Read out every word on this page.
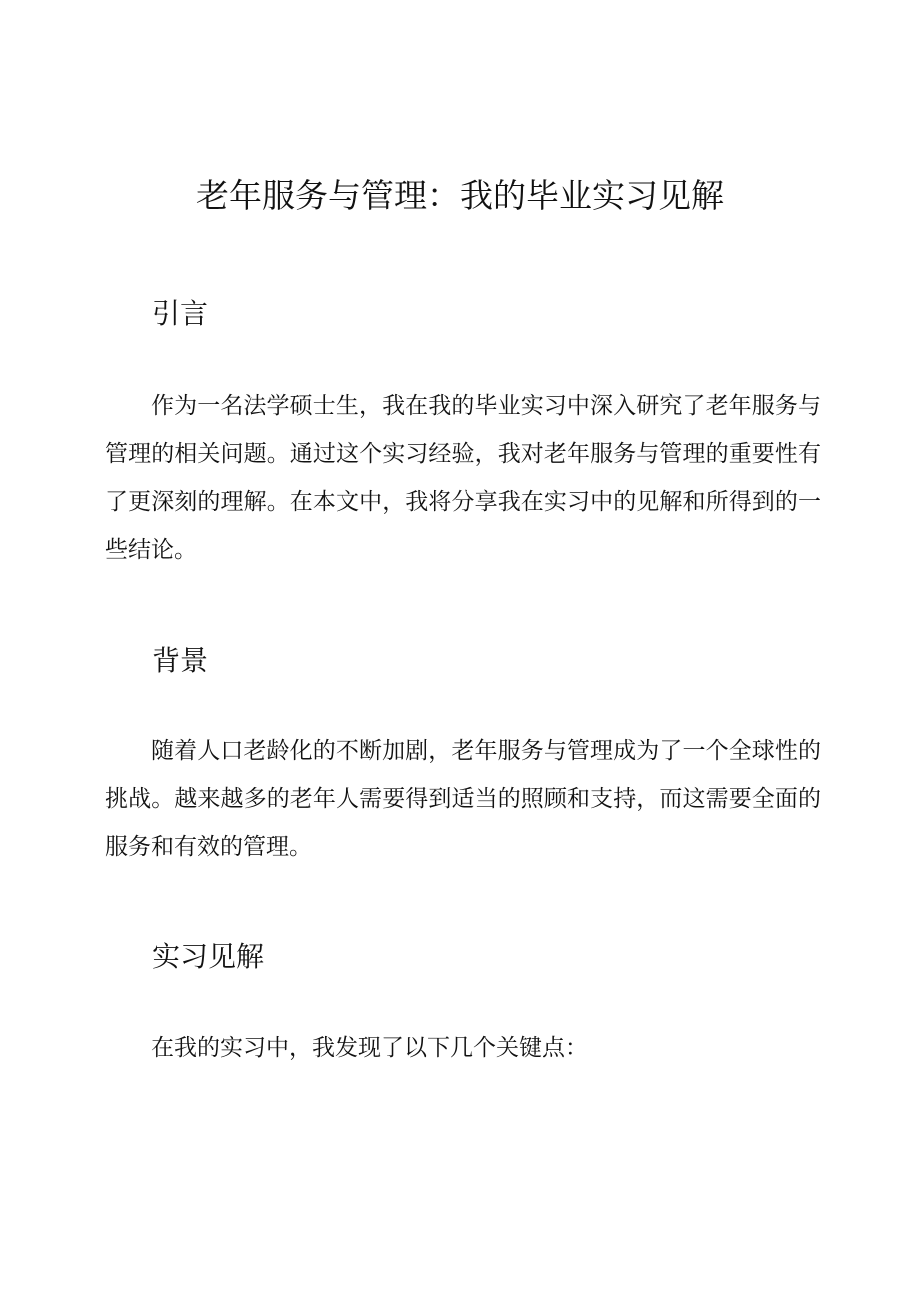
老年服务与管理：我的毕业实习见解
引言

作为一名法学硕士生，我在我的毕业实习中深入研究了老年服务与管理的相关问题。通过这个实习经验，我对老年服务与管理的重要性有了更深刻的理解。在本文中，我将分享我在实习中的见解和所得到的一些结论。

背景

随着人口老龄化的不断加剧，老年服务与管理成为了一个全球性的挑战。越来越多的老年人需要得到适当的照顾和支持，而这需要全面的服务和有效的管理。

实习见解

在我的实习中，我发现了以下几个关键点：
